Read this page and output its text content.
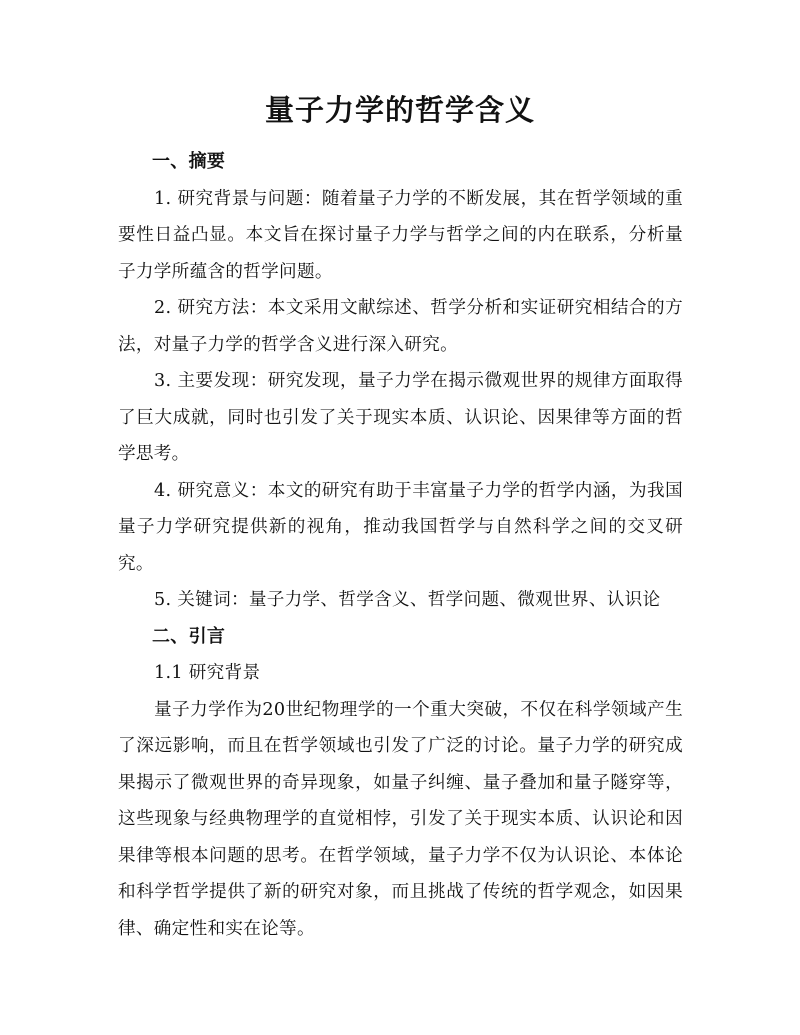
量子力学的哲学含义

一、摘要

1. 研究背景与问题：随着量子力学的不断发展，其在哲学领域的重要性日益凸显。本文旨在探讨量子力学与哲学之间的内在联系，分析量子力学所蕴含的哲学问题。

2. 研究方法：本文采用文献综述、哲学分析和实证研究相结合的方法，对量子力学的哲学含义进行深入研究。

3. 主要发现：研究发现，量子力学在揭示微观世界的规律方面取得了巨大成就，同时也引发了关于现实本质、认识论、因果律等方面的哲学思考。

4. 研究意义：本文的研究有助于丰富量子力学的哲学内涵，为我国量子力学研究提供新的视角，推动我国哲学与自然科学之间的交叉研究。

5. 关键词：量子力学、哲学含义、哲学问题、微观世界、认识论

二、引言

1.1 研究背景

量子力学作为20世纪物理学的一个重大突破，不仅在科学领域产生了深远影响，而且在哲学领域也引发了广泛的讨论。量子力学的研究成果揭示了微观世界的奇异现象，如量子纠缠、量子叠加和量子隧穿等，这些现象与经典物理学的直觉相悖，引发了关于现实本质、认识论和因果律等根本问题的思考。在哲学领域，量子力学不仅为认识论、本体论和科学哲学提供了新的研究对象，而且挑战了传统的哲学观念，如因果律、确定性和实在论等。
